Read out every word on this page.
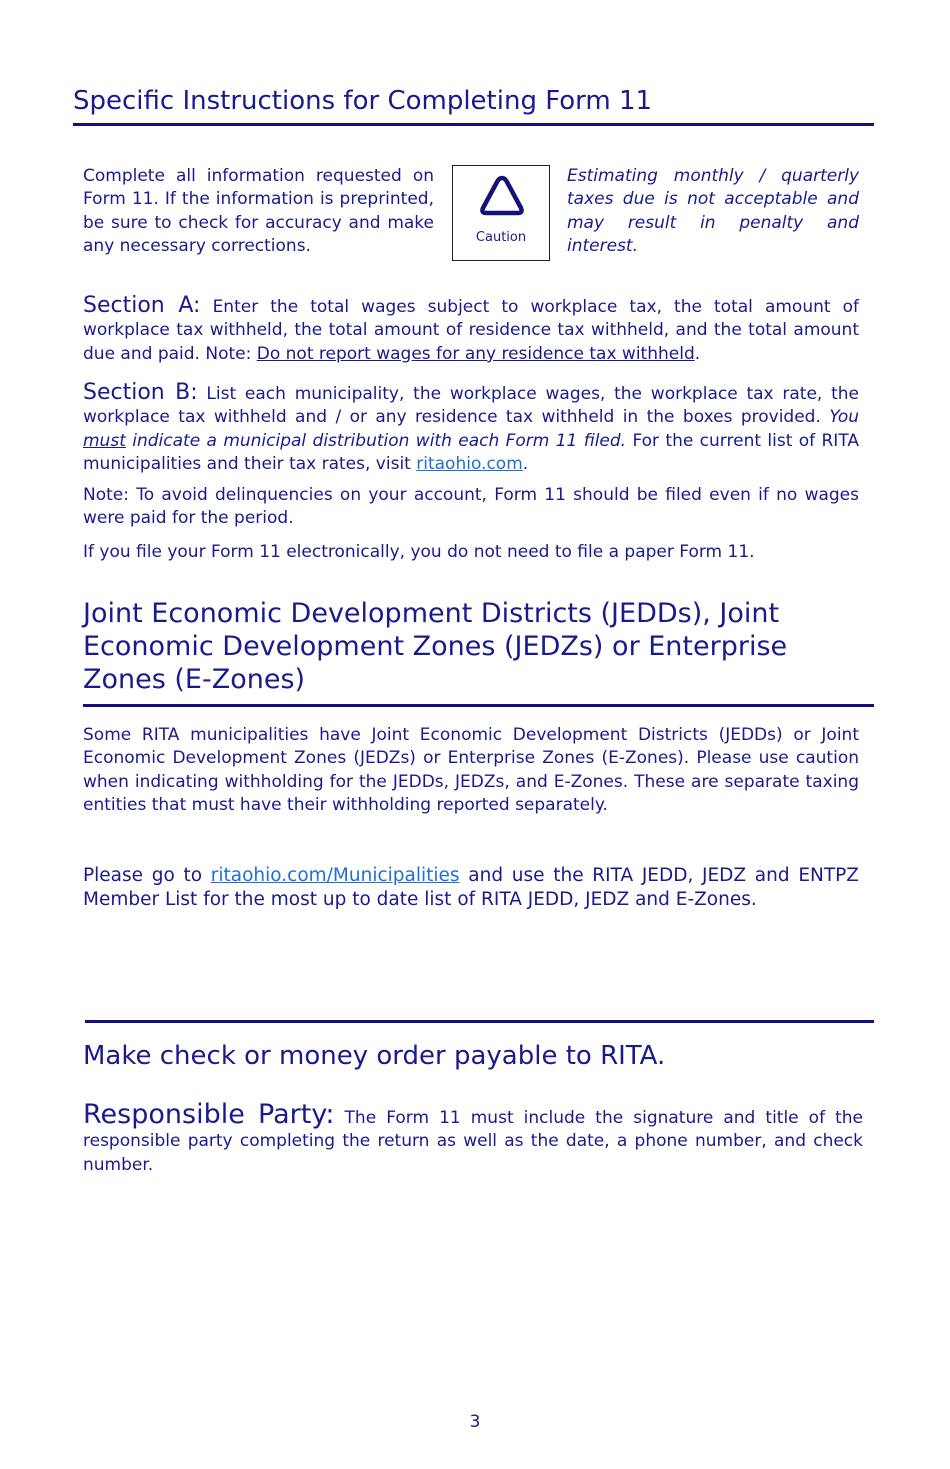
Specific Instructions for Completing Form 11
Complete all information requested on Form 11. If the information is preprinted, be sure to check for accuracy and make any necessary corrections.	Caution
Estimating monthly / quarterly taxes due is not acceptable and may result in penalty and interest.
Section A: Enter the total wages subject to workplace tax, the total amount of workplace tax withheld, the total amount of residence tax withheld, and the total amount due and paid. Note: Do not report wages for any residence tax withheld.
Section B: List each municipality, the workplace wages, the workplace tax rate, the workplace tax withheld and / or any residence tax withheld in the boxes provided. You must indicate a municipal distribution with each Form 11 filed. For the current list of RITA municipalities and their tax rates, visit ritaohio.com.
Note: To avoid delinquencies on your account, Form 11 should be filed even if no wages were paid for the period.
If you file your Form 11 electronically, you do not need to file a paper Form 11.
Joint Economic Development Districts (JEDDs), Joint Economic Development Zones (JEDZs) or Enterprise Zones (E-Zones)
Some RITA municipalities have Joint Economic Development Districts (JEDDs) or Joint Economic Development Zones (JEDZs) or Enterprise Zones (E-Zones). Please use caution when indicating withholding for the JEDDs, JEDZs, and E-Zones. These are separate taxing entities that must have their withholding reported separately.
Please go to ritaohio.com/Municipalities and use the RITA JEDD, JEDZ and ENTPZ Member List for the most up to date list of RITA JEDD, JEDZ and E-Zones.
Make check or money order payable to RITA.
Responsible Party: The Form 11 must include the signature and title of the responsible party completing the return as well as the date, a phone number, and check number.
3
